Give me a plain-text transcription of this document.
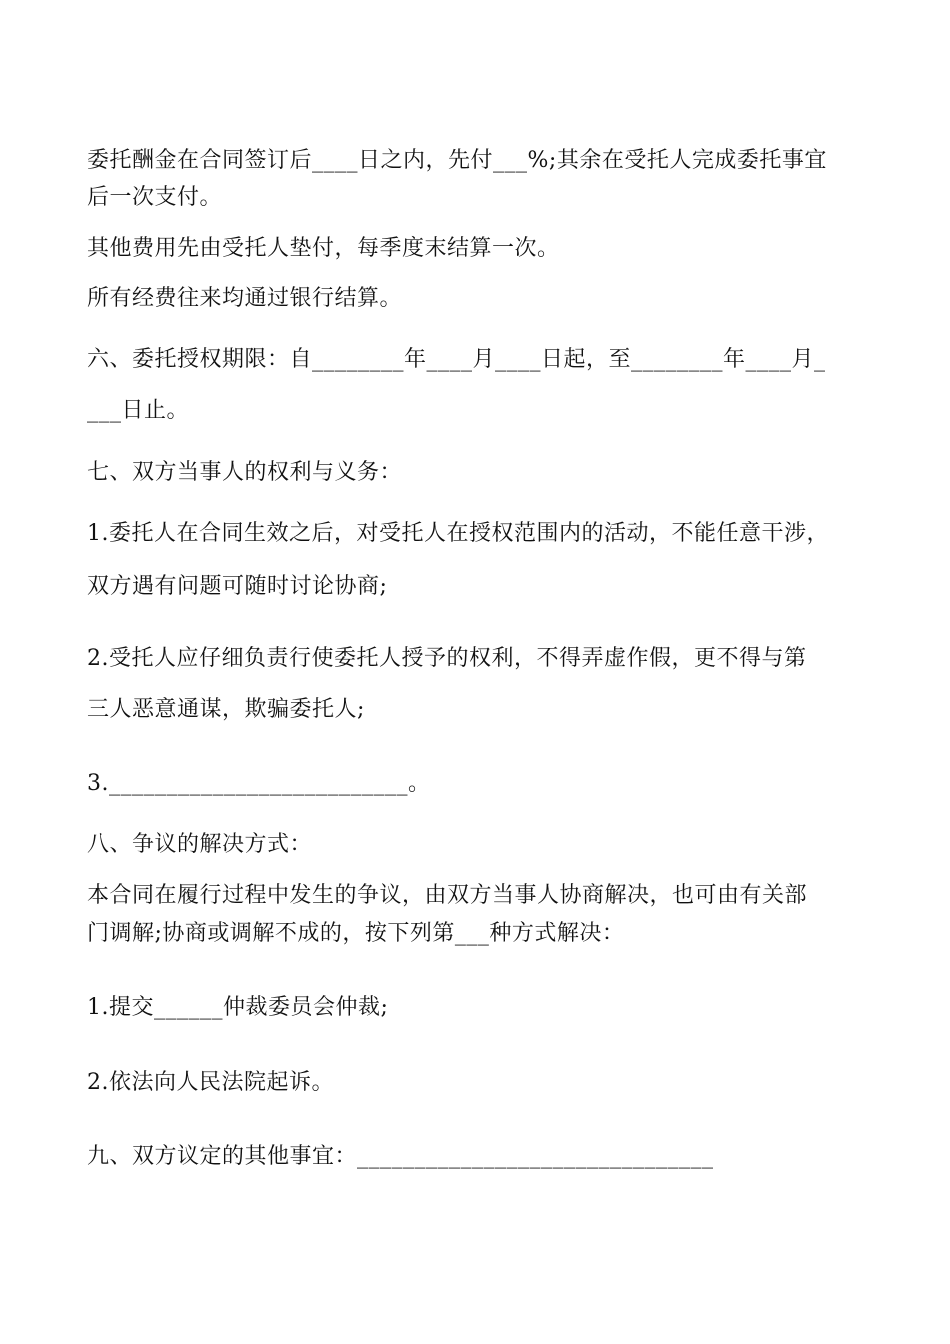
委托酬金在合同签订后____日之内，先付___%;其余在受托人完成委托事宜
后一次支付。
其他费用先由受托人垫付，每季度末结算一次。
所有经费往来均通过银行结算。
六、委托授权期限：自________年____月____日起，至________年____月_
___日止。
七、双方当事人的权利与义务：
1.委托人在合同生效之后，对受托人在授权范围内的活动，不能任意干涉，
双方遇有问题可随时讨论协商;
2.受托人应仔细负责行使委托人授予的权利，不得弄虚作假，更不得与第
三人恶意通谋，欺骗委托人;
3.__________________________。
八、争议的解决方式：
本合同在履行过程中发生的争议，由双方当事人协商解决，也可由有关部
门调解;协商或调解不成的，按下列第___种方式解决：
1.提交______仲裁委员会仲裁;
2.依法向人民法院起诉。
九、双方议定的其他事宜：_______________________________
